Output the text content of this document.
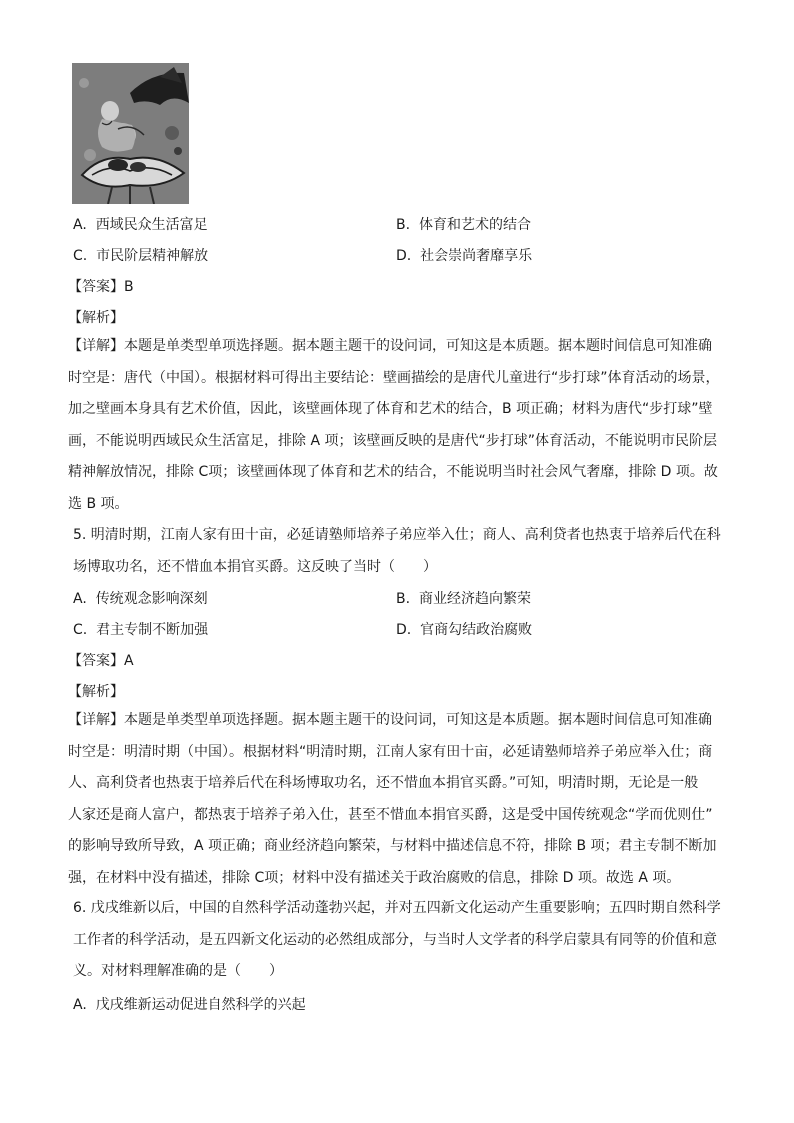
A. 西域民众生活富足	B. 体育和艺术的结合
C. 市民阶层精神解放	D. 社会崇尚奢靡享乐
【答案】B
【解析】

【详解】本题是单类型单项选择题。据本题主题干的设问词，可知这是本质题。据本题时间信息可知准确

时空是：唐代（中国）。根据材料可得出主要结论：壁画描绘的是唐代儿童进行“步打球”体育活动的场景，

加之壁画本身具有艺术价值，因此，该壁画体现了体育和艺术的结合，B 项正确；材料为唐代“步打球”壁

画，不能说明西域民众生活富足，排除 A 项；该壁画反映的是唐代“步打球”体育活动，不能说明市民阶层

精神解放情况，排除 C项；该壁画体现了体育和艺术的结合，不能说明当时社会风气奢靡，排除 D 项。故

选 B 项。

5. 明清时期，江南人家有田十亩，必延请塾师培养子弟应举入仕；商人、高利贷者也热衷于培养后代在科

场博取功名，还不惜血本捐官买爵。这反映了当时（　　）

A. 传统观念影响深刻	B. 商业经济趋向繁荣
C. 君主专制不断加强	D. 官商勾结政治腐败
【答案】A
【解析】

【详解】本题是单类型单项选择题。据本题主题干的设问词，可知这是本质题。据本题时间信息可知准确

时空是：明清时期（中国）。根据材料“明清时期，江南人家有田十亩，必延请塾师培养子弟应举入仕；商

人、高利贷者也热衷于培养后代在科场博取功名，还不惜血本捐官买爵。”可知，明清时期，无论是一般

人家还是商人富户，都热衷于培养子弟入仕，甚至不惜血本捐官买爵，这是受中国传统观念“学而优则仕”

的影响导致所导致，A 项正确；商业经济趋向繁荣，与材料中描述信息不符，排除 B 项；君主专制不断加

强，在材料中没有描述，排除 C项；材料中没有描述关于政治腐败的信息，排除 D 项。故选 A 项。

6. 戊戌维新以后，中国的自然科学活动蓬勃兴起，并对五四新文化运动产生重要影响；五四时期自然科学

工作者的科学活动，是五四新文化运动的必然组成部分，与当时人文学者的科学启蒙具有同等的价值和意

义。对材料理解准确的是（　　）

A. 戊戌维新运动促进自然科学的兴起
